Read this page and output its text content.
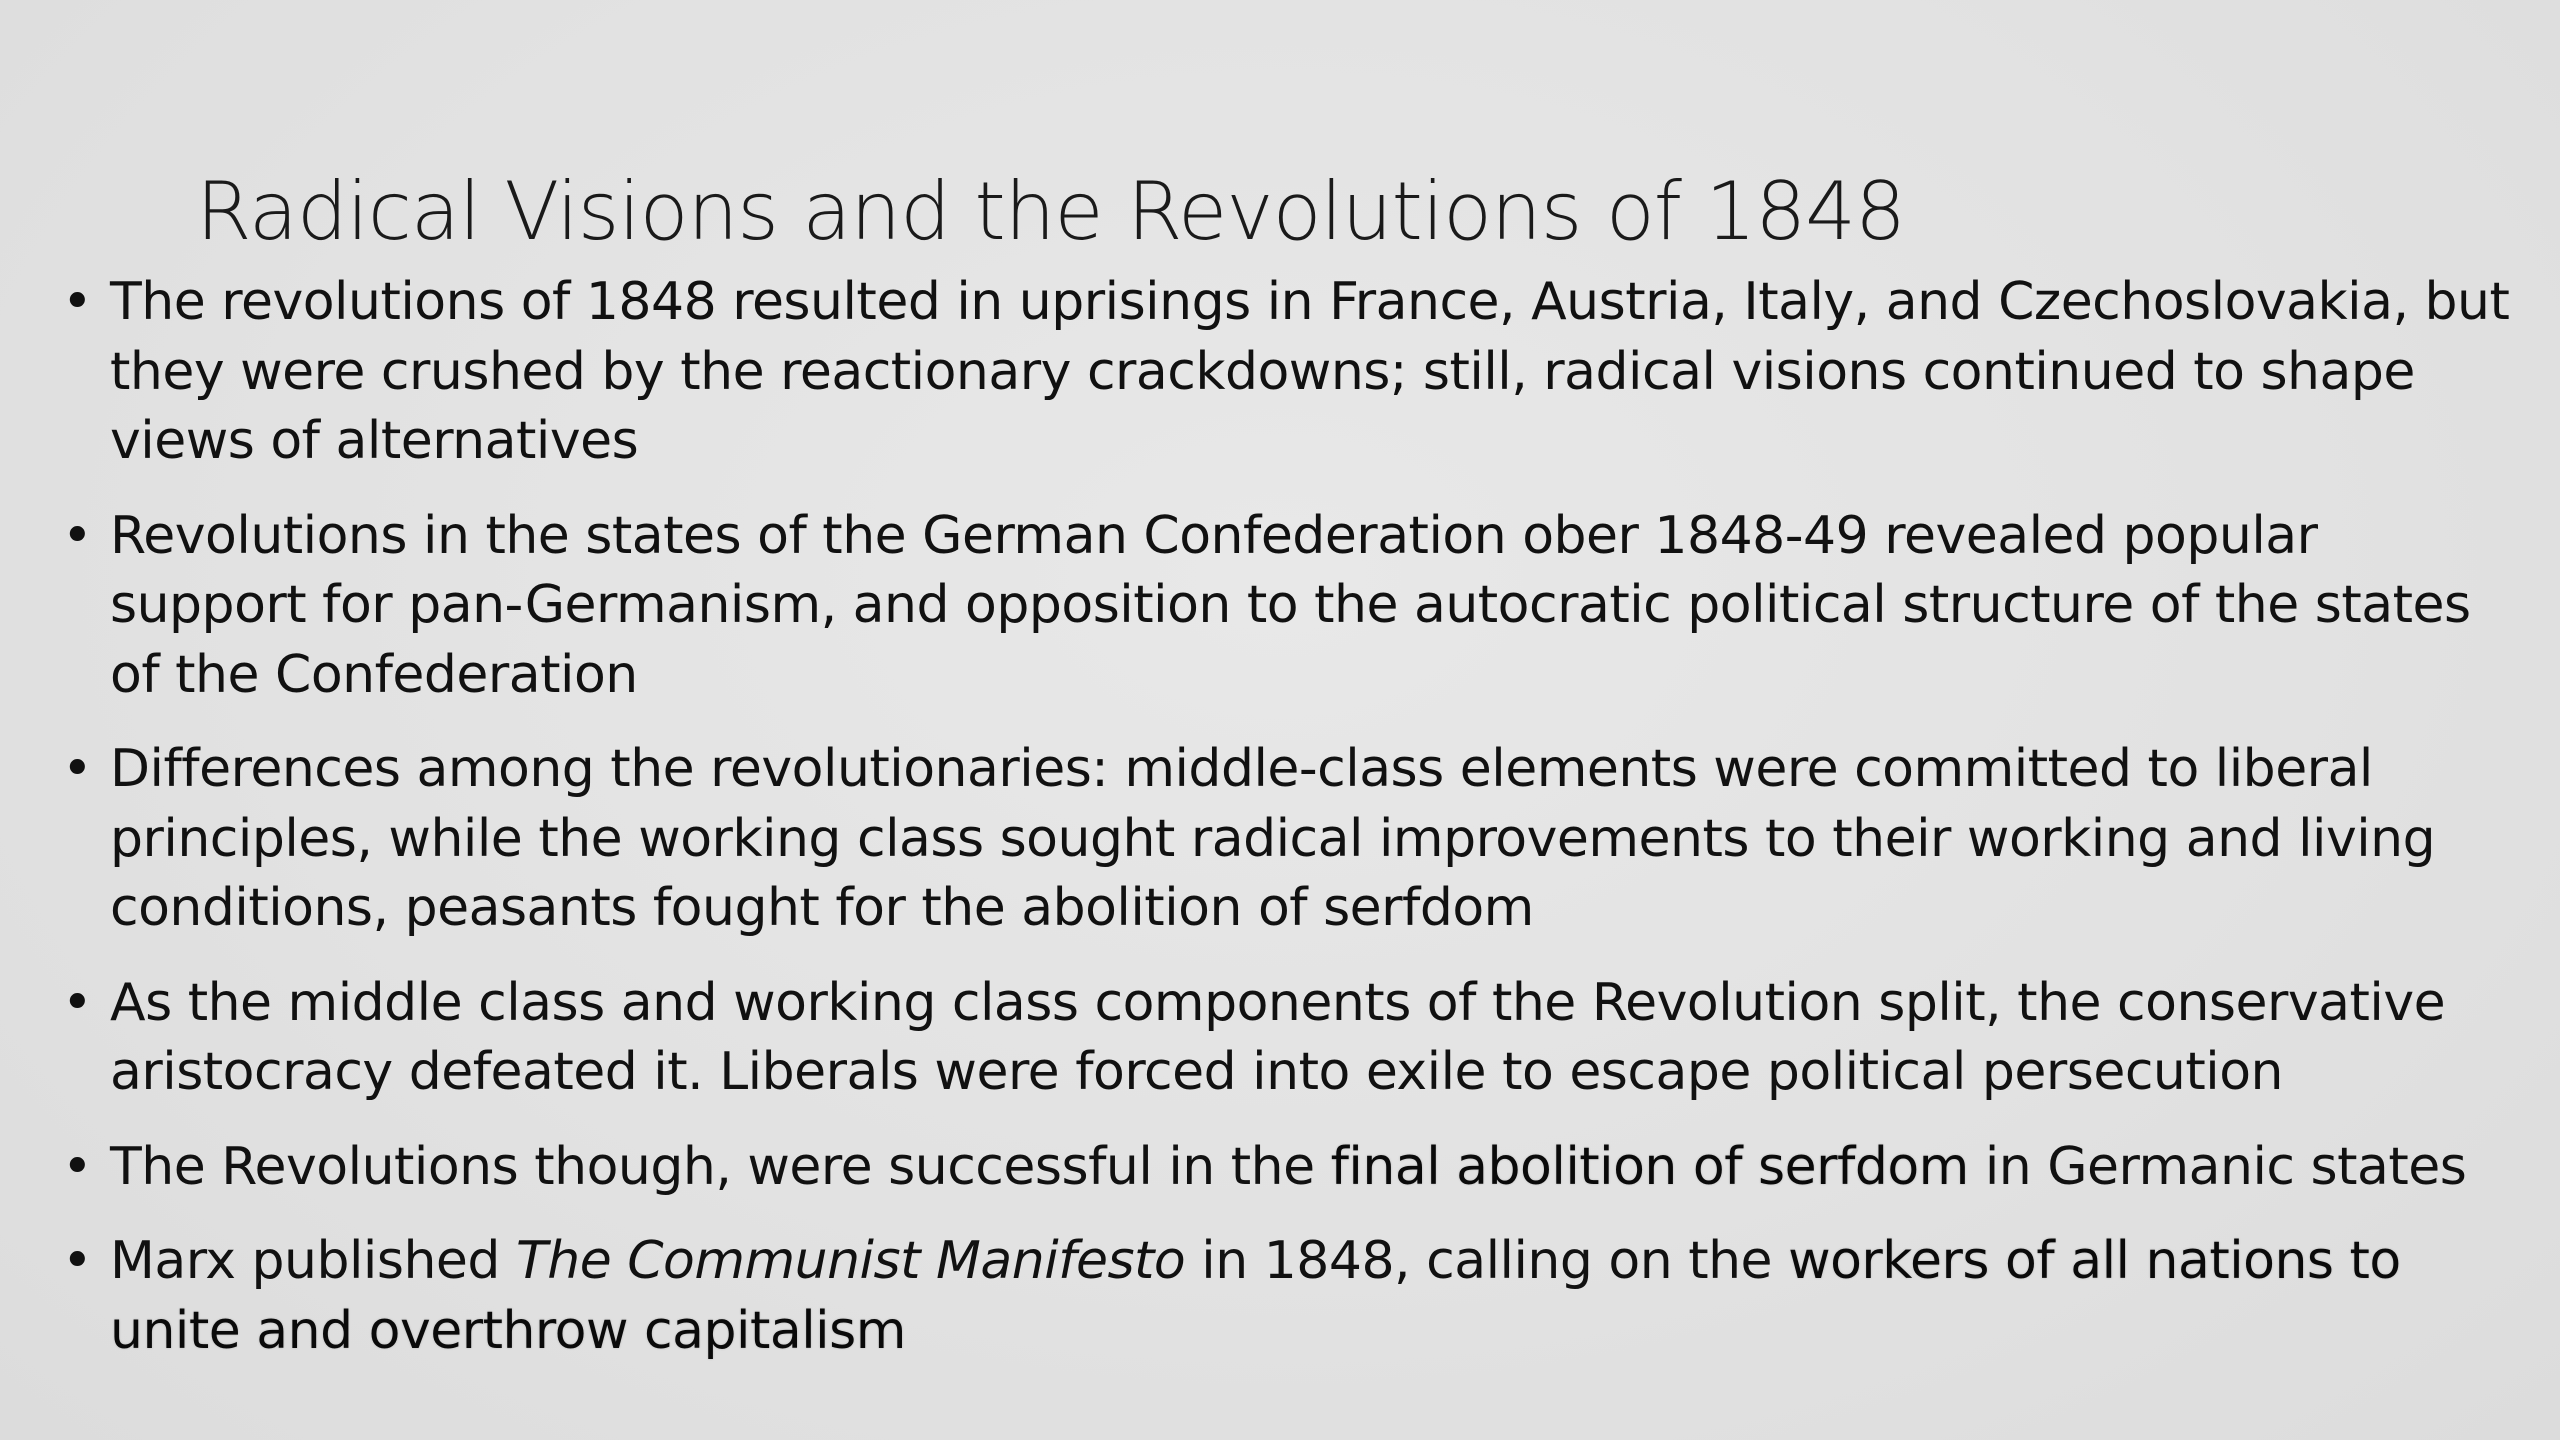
Radical Visions and the Revolutions of 1848
• The revolutions of 1848 resulted in uprisings in France, Austria, Italy, and Czechoslovakia, but they were crushed by the reactionary crackdowns; still, radical visions continued to shape views of alternatives
• Revolutions in the states of the German Confederation ober 1848-49 revealed popular support for pan-Germanism, and opposition to the autocratic political structure of the states of the Confederation
• Differences among the revolutionaries: middle-class elements were committed to liberal principles, while the working class sought radical improvements to their working and living conditions, peasants fought for the abolition of serfdom
• As the middle class and working class components of the Revolution split, the conservative aristocracy defeated it. Liberals were forced into exile to escape political persecution
• The Revolutions though, were successful in the final abolition of serfdom in Germanic states
• Marx published The Communist Manifesto in 1848, calling on the workers of all nations to unite and overthrow capitalism
